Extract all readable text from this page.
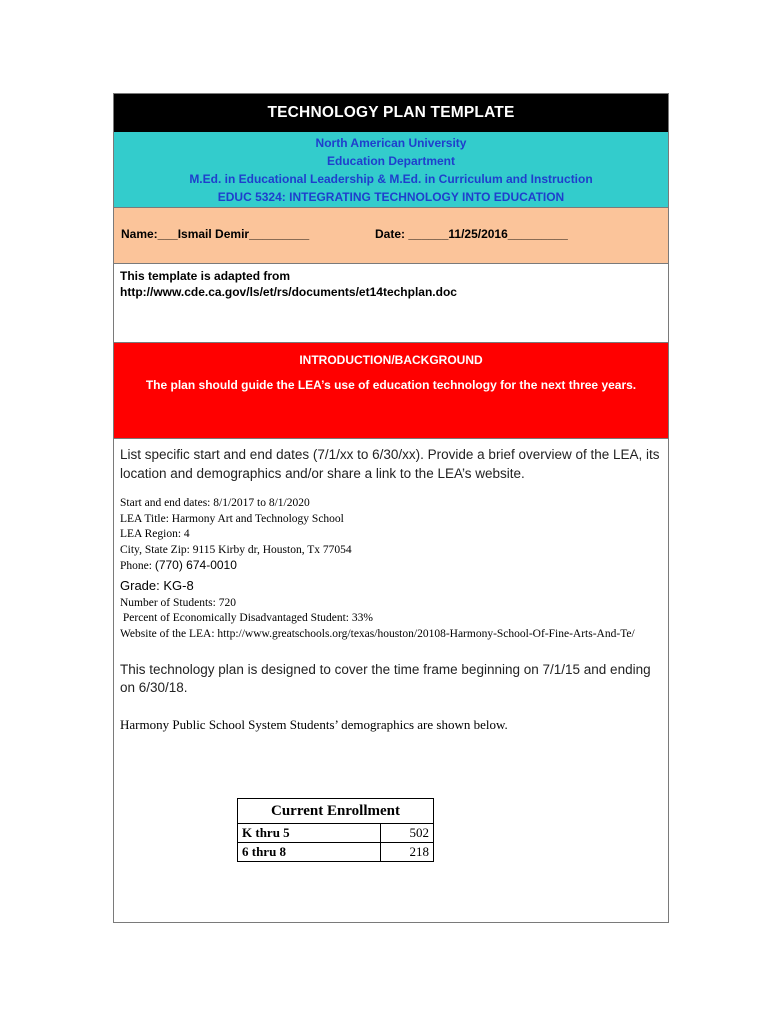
TECHNOLOGY PLAN TEMPLATE
North American University
Education Department
M.Ed. in Educational Leadership & M.Ed. in Curriculum and Instruction
EDUC 5324: INTEGRATING TECHNOLOGY INTO EDUCATION
Name:___Ismail Demir_________	Date: ______11/25/2016_________
This template is adapted from
http://www.cde.ca.gov/ls/et/rs/documents/et14techplan.doc
INTRODUCTION/BACKGROUND
The plan should guide the LEA’s use of education technology for the next three years.
List specific start and end dates (7/1/xx to 6/30/xx). Provide a brief overview of the LEA, its location and demographics and/or share a link to the LEA’s website.
Start and end dates: 8/1/2017 to 8/1/2020
LEA Title: Harmony Art and Technology School
LEA Region: 4
City, State Zip: 9115 Kirby dr, Houston, Tx 77054
Phone: (770) 674-0010
Grade: KG-8
Number of Students: 720
Percent of Economically Disadvantaged Student: 33%
Website of the LEA: http://www.greatschools.org/texas/houston/20108-Harmony-School-Of-Fine-Arts-And-Te/
This technology plan is designed to cover the time frame beginning on 7/1/15 and ending on 6/30/18.
Harmony Public School System Students’ demographics are shown below.
Current Enrollment	
K thru 5	502
6 thru 8	218
